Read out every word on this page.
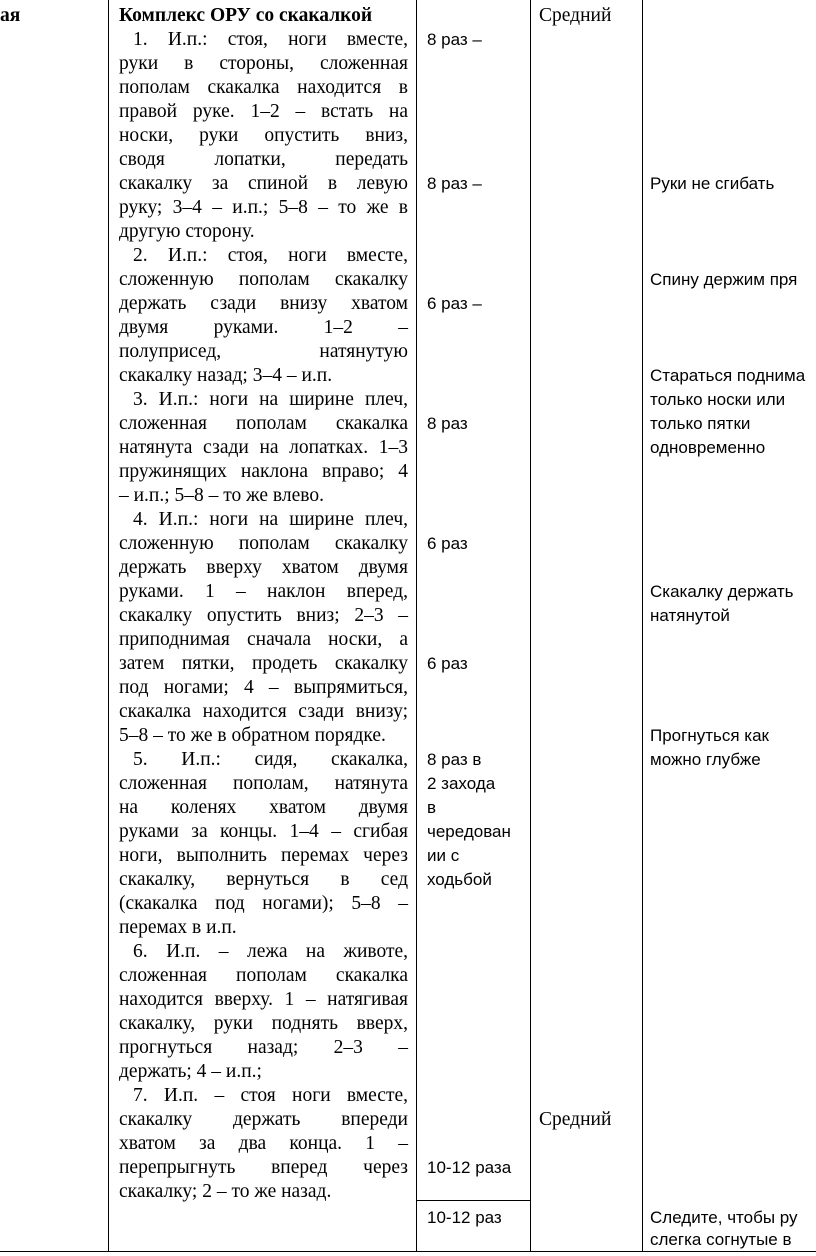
ая	Комплекс ОРУ со скакалкой
1. И.п.: стоя, ноги вместе,
руки в стороны, сложенная
пополам скакалка находится в
правой руке. 1–2 – встать на
носки, руки опустить вниз,
сводя лопатки, передать
скакалку за спиной в левую
руку; 3–4 – и.п.; 5–8 – то же в
другую сторону.
2. И.п.: стоя, ноги вместе,
сложенную пополам скакалку
держать сзади внизу хватом
двумя руками. 1–2 –
полуприсед, натянутую
скакалку назад; 3–4 – и.п.
3. И.п.: ноги на ширине плеч,
сложенная пополам скакалка
натянута сзади на лопатках. 1–3
пружинящих наклона вправо; 4
– и.п.; 5–8 – то же влево.
4. И.п.: ноги на ширине плеч,
сложенную пополам скакалку
держать вверху хватом двумя
руками. 1 – наклон вперед,
скакалку опустить вниз; 2–3 –
приподнимая сначала носки, а
затем пятки, продеть скакалку
под ногами; 4 – выпрямиться,
скакалка находится сзади внизу;
5–8 – то же в обратном порядке.
5. И.п.: сидя, скакалка,
сложенная пополам, натянута
на коленях хватом двумя
руками за концы. 1–4 – сгибая
ноги, выполнить перемах через
скакалку, вернуться в сед
(скакалка под ногами); 5–8 –
перемах в и.п.
6. И.п. – лежа на животе,
сложенная пополам скакалка
находится вверху. 1 – натягивая
скакалку, руки поднять вверх,
прогнуться назад; 2–3 –
держать; 4 – и.п.;
7. И.п. – стоя ноги вместе,
скакалку держать впереди
хватом за два конца. 1 –
перепрыгнуть вперед через
скакалку; 2 – то же назад.
8 раз –
8 раз –
6 раз –
8 раз
6 раз
6 раз
8 раз в
2 захода
в
чередован
ии с
ходьбой
10-12 раза
10-12 раз
Средний
Средний
Руки не сгибать
Спину держим пря
Стараться поднима
только носки или
только пятки
одновременно
Скакалку держать
натянутой
Прогнуться как
можно глубже
Следите, чтобы ру
слегка согнутые в
